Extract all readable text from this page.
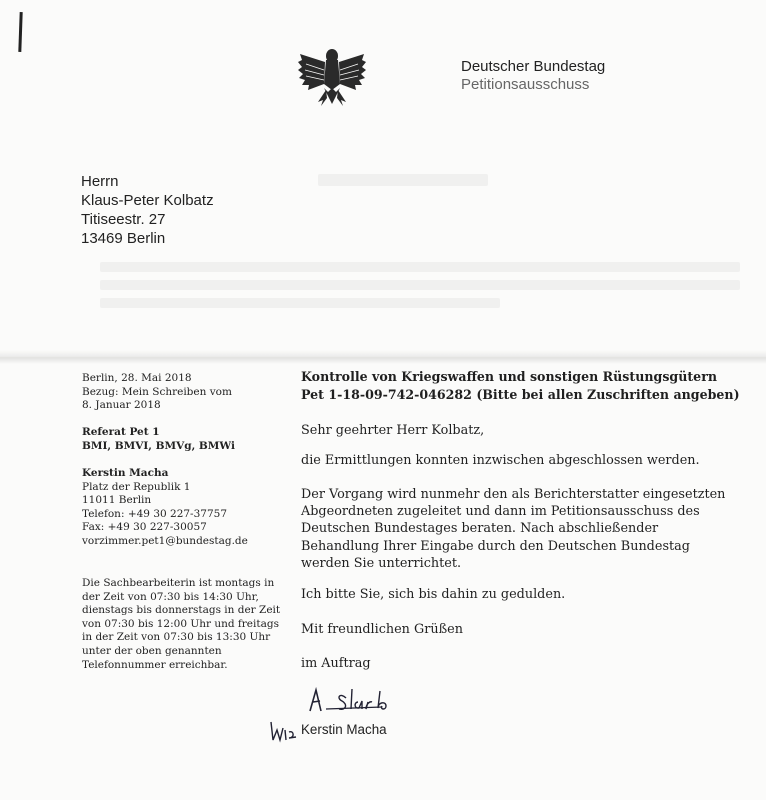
Deutscher Bundestag
Petitionsausschuss
Herrn
Klaus-Peter Kolbatz
Titiseestr. 27
13469 Berlin
Berlin, 28. Mai 2018
Bezug: Mein Schreiben vom
8. Januar 2018
Referat Pet 1
BMI, BMVI, BMVg, BMWi
Kerstin Macha
Platz der Republik 1
11011 Berlin
Telefon: +49 30 227-37757
Fax: +49 30 227-30057
vorzimmer.pet1@bundestag.de
Die Sachbearbeiterin ist montags in
der Zeit von 07:30 bis 14:30 Uhr,
dienstags bis donnerstags in der Zeit
von 07:30 bis 12:00 Uhr und freitags
in der Zeit von 07:30 bis 13:30 Uhr
unter der oben genannten
Telefonnummer erreichbar.
Kontrolle von Kriegswaffen und sonstigen Rüstungsgütern
Pet 1-18-09-742-046282 (Bitte bei allen Zuschriften angeben)
Sehr geehrter Herr Kolbatz,
die Ermittlungen konnten inzwischen abgeschlossen werden.
Der Vorgang wird nunmehr den als Berichterstatter eingesetzten
Abgeordneten zugeleitet und dann im Petitionsausschuss des
Deutschen Bundestages beraten. Nach abschließender
Behandlung Ihrer Eingabe durch den Deutschen Bundestag
werden Sie unterrichtet.
Ich bitte Sie, sich bis dahin zu gedulden.
Mit freundlichen Grüßen
im Auftrag
Kerstin Macha
